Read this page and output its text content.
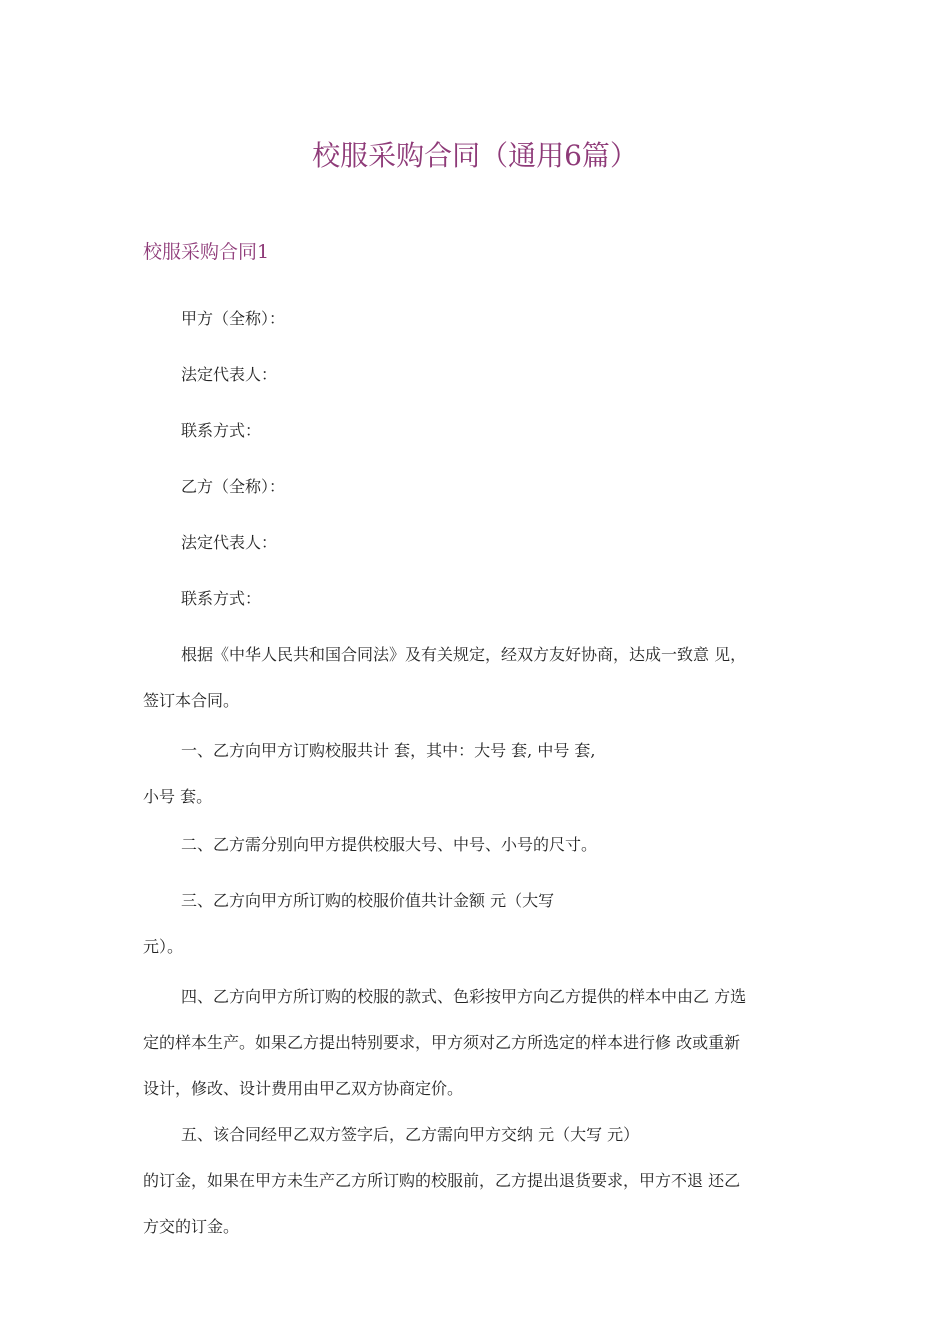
校服采购合同（通用6篇）
校服采购合同1

甲方（全称）：

法定代表人：

联系方式：

乙方（全称）：

法定代表人：

联系方式：

根据《中华人民共和国合同法》及有关规定，经双方友好协商，达成一致意 见，
签订本合同。
一、乙方向甲方订购校服共计 套，其中：大号 套, 中号 套,
小号 套。
二、乙方需分别向甲方提供校服大号、中号、小号的尺寸。
三、乙方向甲方所订购的校服价值共计金额 元（大写
元）。
四、乙方向甲方所订购的校服的款式、色彩按甲方向乙方提供的样本中由乙 方选
定的样本生产。如果乙方提出特别要求，甲方须对乙方所选定的样本进行修 改或重新
设计，修改、设计费用由甲乙双方协商定价。
五、该合同经甲乙双方签字后，乙方需向甲方交纳 元（大写 元）
的订金，如果在甲方未生产乙方所订购的校服前，乙方提出退货要求，甲方不退 还乙
方交的订金。
